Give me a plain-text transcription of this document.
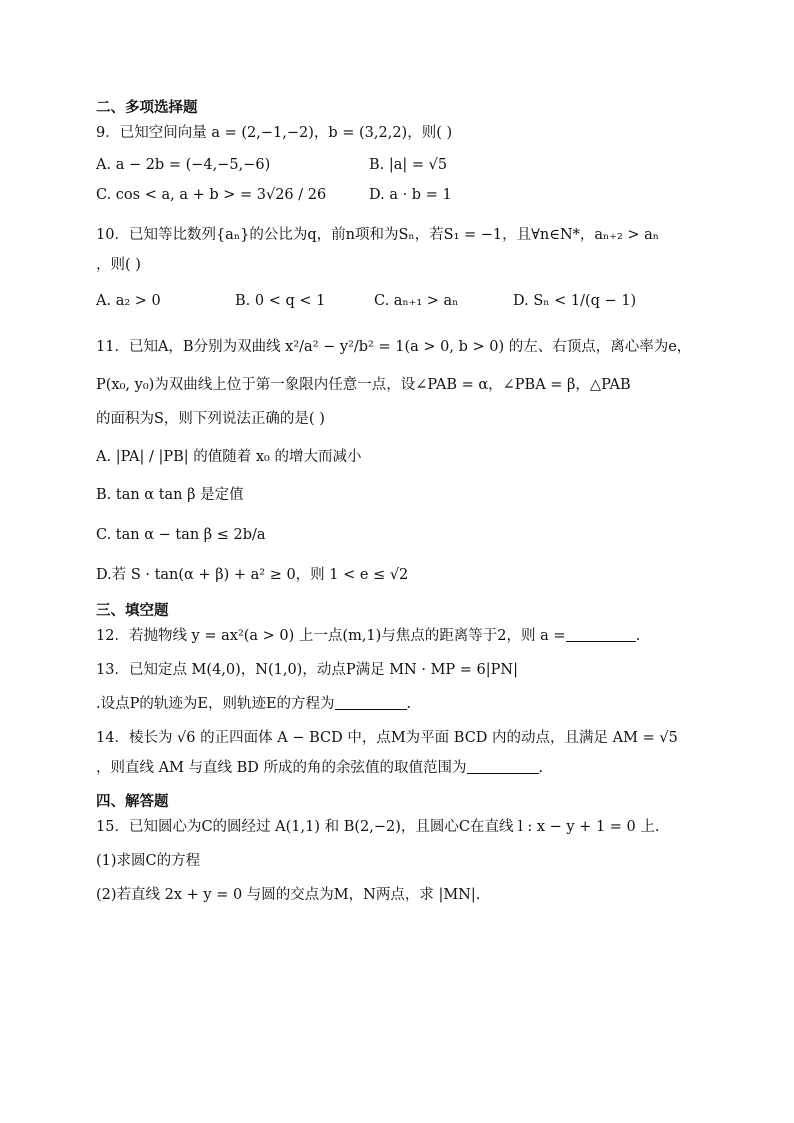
二、多项选择题
9．已知空间向量 a = (2,−1,−2)，b = (3,2,2)，则( )
A. a − 2b = (−4,−5,−6)	B. |a| = √5
C. cos < a, a + b > = 3√26 / 26	D. a · b = 1
10．已知等比数列{aₙ}的公比为q，前n项和为Sₙ，若S₁ = −1，且∀n∈N*，aₙ₊₂ > aₙ
，则( )
A. a₂ > 0	B. 0 < q < 1	C. aₙ₊₁ > aₙ	D. Sₙ < 1/(q − 1)
11．已知A，B分别为双曲线 x²/a² − y²/b² = 1(a > 0, b > 0) 的左、右顶点，离心率为e，
P(x₀, y₀)为双曲线上位于第一象限内任意一点，设∠PAB = α，∠PBA = β，△PAB
的面积为S，则下列说法正确的是( )
A. |PA| / |PB| 的值随着 x₀ 的增大而减小
B. tan α tan β 是定值
C. tan α − tan β ≤ 2b/a
D.若 S · tan(α + β) + a² ≥ 0，则 1 < e ≤ √2
三、填空题
12．若抛物线 y = ax²(a > 0) 上一点(m,1)与焦点的距离等于2，则 a =	.
13．已知定点 M(4,0)，N(1,0)，动点P满足 MN · MP = 6|PN|
.设点P的轨迹为E，则轨迹E的方程为	.
14．棱长为 √6 的正四面体 A − BCD 中，点M为平面 BCD 内的动点，且满足 AM = √5
，则直线 AM 与直线 BD 所成的角的余弦值的取值范围为	.
四、解答题
15．已知圆心为C的圆经过 A(1,1) 和 B(2,−2)，且圆心C在直线 l : x − y + 1 = 0 上.
(1)求圆C的方程
(2)若直线 2x + y = 0 与圆的交点为M，N两点，求 |MN|.
